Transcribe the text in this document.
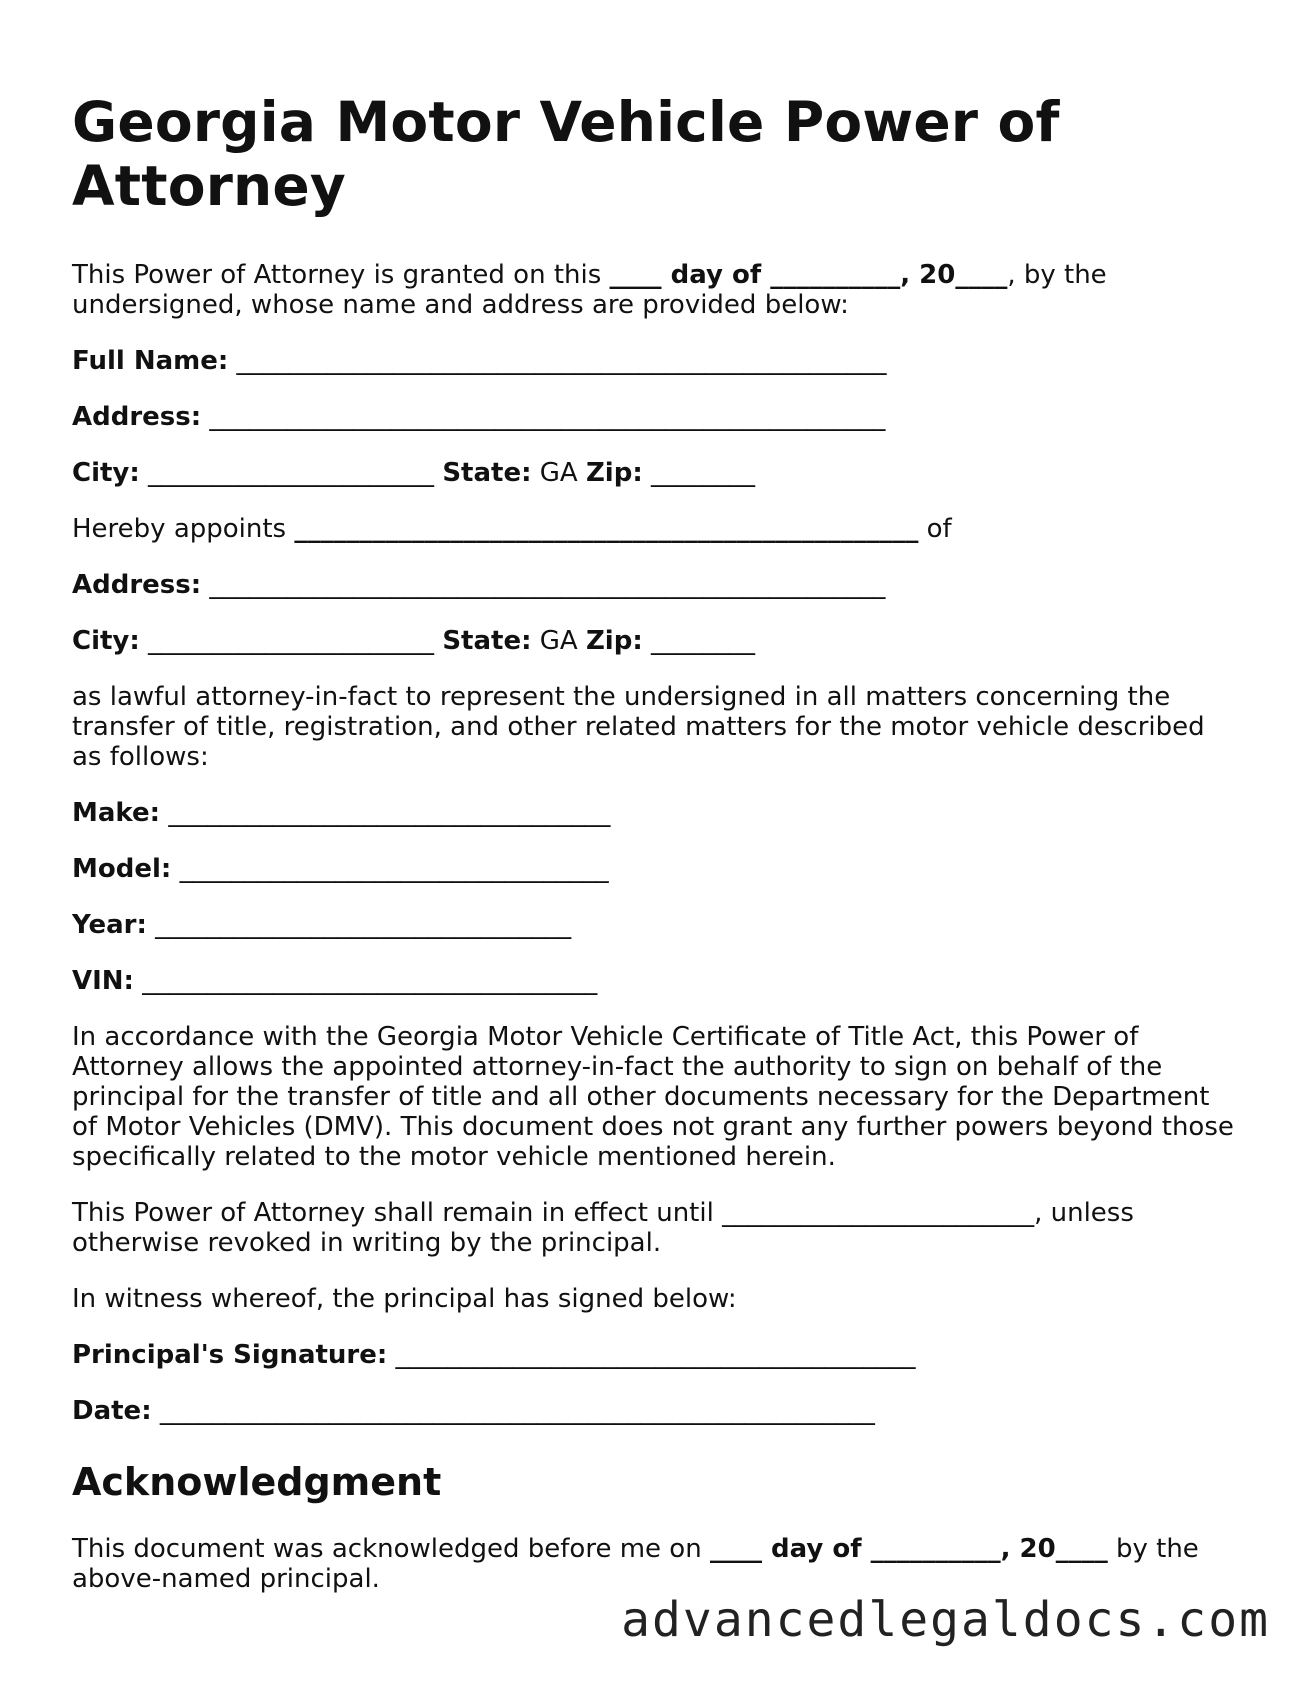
Georgia Motor Vehicle Power of Attorney

This Power of Attorney is granted on this ____ day of __________, 20____, by the undersigned, whose name and address are provided below:

Full Name: __________________________________________________

Address: ____________________________________________________

City: ______________________ State: GA Zip: ________

Hereby appoints ________________________________________________ of

Address: ____________________________________________________

City: ______________________ State: GA Zip: ________

as lawful attorney-in-fact to represent the undersigned in all matters concerning the transfer of title, registration, and other related matters for the motor vehicle described as follows:

Make: __________________________________

Model: _________________________________

Year: ________________________________

VIN: ___________________________________

In accordance with the Georgia Motor Vehicle Certificate of Title Act, this Power of Attorney allows the appointed attorney-in-fact the authority to sign on behalf of the principal for the transfer of title and all other documents necessary for the Department of Motor Vehicles (DMV). This document does not grant any further powers beyond those specifically related to the motor vehicle mentioned herein.

This Power of Attorney shall remain in effect until ________________________, unless otherwise revoked in writing by the principal.

In witness whereof, the principal has signed below:

Principal's Signature: ________________________________________

Date: _______________________________________________________

Acknowledgment

This document was acknowledged before me on ____ day of __________, 20____ by the above-named principal.

advancedlegaldocs.com
